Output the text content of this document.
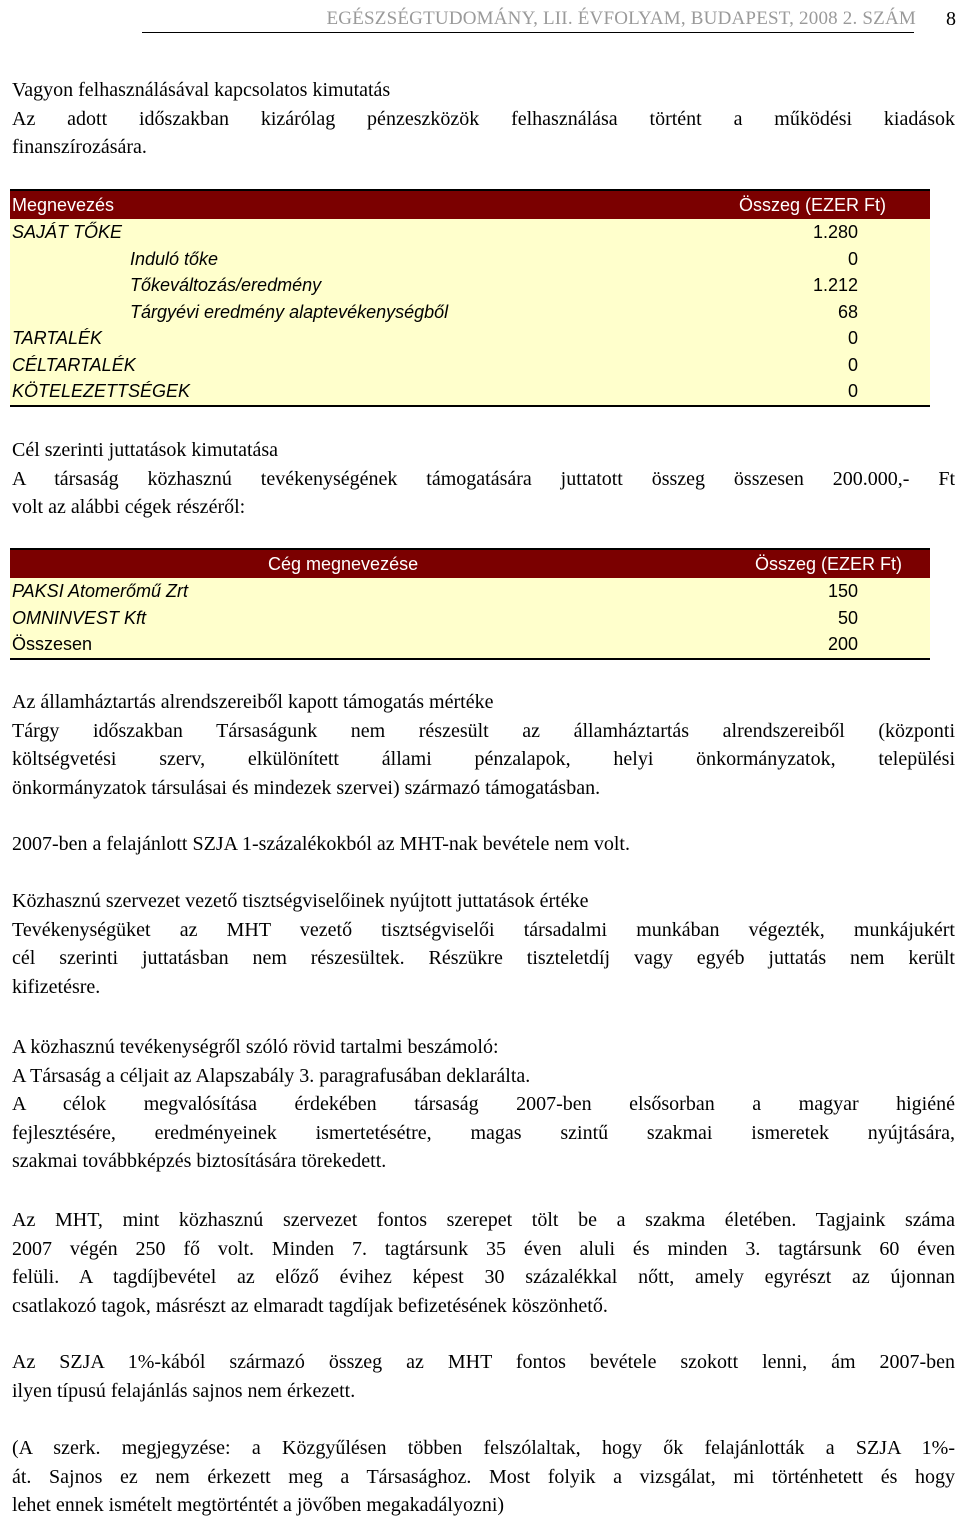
EGÉSZSÉGTUDOMÁNY, LII. ÉVFOLYAM, BUDAPEST, 2008 2. SZÁM 8
Vagyon felhasználásával kapcsolatos kimutatás
Az adott időszakban kizárólag pénzeszközök felhasználása történt a működési kiadások
finanszírozására.
Megnevezés	Összeg (EZER Ft)
SAJÁT TŐKE	1.280
Induló tőke	0
Tőkeváltozás/eredmény	1.212
Tárgyévi eredmény alaptevékenységből	68
TARTALÉK	0
CÉLTARTALÉK	0
KÖTELEZETTSÉGEK	0
Cél szerinti juttatások kimutatása
A társaság közhasznú tevékenységének támogatására juttatott összeg összesen 200.000,- Ft
volt az alábbi cégek részéről:
Cég megnevezése	Összeg (EZER Ft)
PAKSI Atomerőmű Zrt	150
OMNINVEST Kft	50
Összesen	200
Az államháztartás alrendszereiből kapott támogatás mértéke
Tárgy időszakban Társaságunk nem részesült az államháztartás alrendszereiből (központi
költségvetési szerv, elkülönített állami pénzalapok, helyi önkormányzatok, települési
önkormányzatok társulásai és mindezek szervei) származó támogatásban.
2007-ben a felajánlott SZJA 1-százalékokból az MHT-nak bevétele nem volt.
Közhasznú szervezet vezető tisztségviselőinek nyújtott juttatások értéke
Tevékenységüket az MHT vezető tisztségviselői társadalmi munkában végezték, munkájukért
cél szerinti juttatásban nem részesültek. Részükre tiszteletdíj vagy egyéb juttatás nem került
kifizetésre.
A közhasznú tevékenységről szóló rövid tartalmi beszámoló:
A Társaság a céljait az Alapszabály 3. paragrafusában deklarálta.
A célok megvalósítása érdekében társaság 2007-ben elsősorban a magyar higiéné
fejlesztésére, eredményeinek ismertetésétre, magas szintű szakmai ismeretek nyújtására,
szakmai továbbképzés biztosítására törekedett.
Az MHT, mint közhasznú szervezet fontos szerepet tölt be a szakma életében. Tagjaink száma
2007 végén 250 fő volt. Minden 7. tagtársunk 35 éven aluli és minden 3. tagtársunk 60 éven
felüli. A tagdíjbevétel az előző évihez képest 30 százalékkal nőtt, amely egyrészt az újonnan
csatlakozó tagok, másrészt az elmaradt tagdíjak befizetésének köszönhető.
Az SZJA 1%-kából származó összeg az MHT fontos bevétele szokott lenni, ám 2007-ben
ilyen típusú felajánlás sajnos nem érkezett.
(A szerk. megjegyzése: a Közgyűlésen többen felszólaltak, hogy ők felajánlották a SZJA 1%-
át. Sajnos ez nem érkezett meg a Társasághoz. Most folyik a vizsgálat, mi történhetett és hogy
lehet ennek ismételt megtörténtét a jövőben megakadályozni)
